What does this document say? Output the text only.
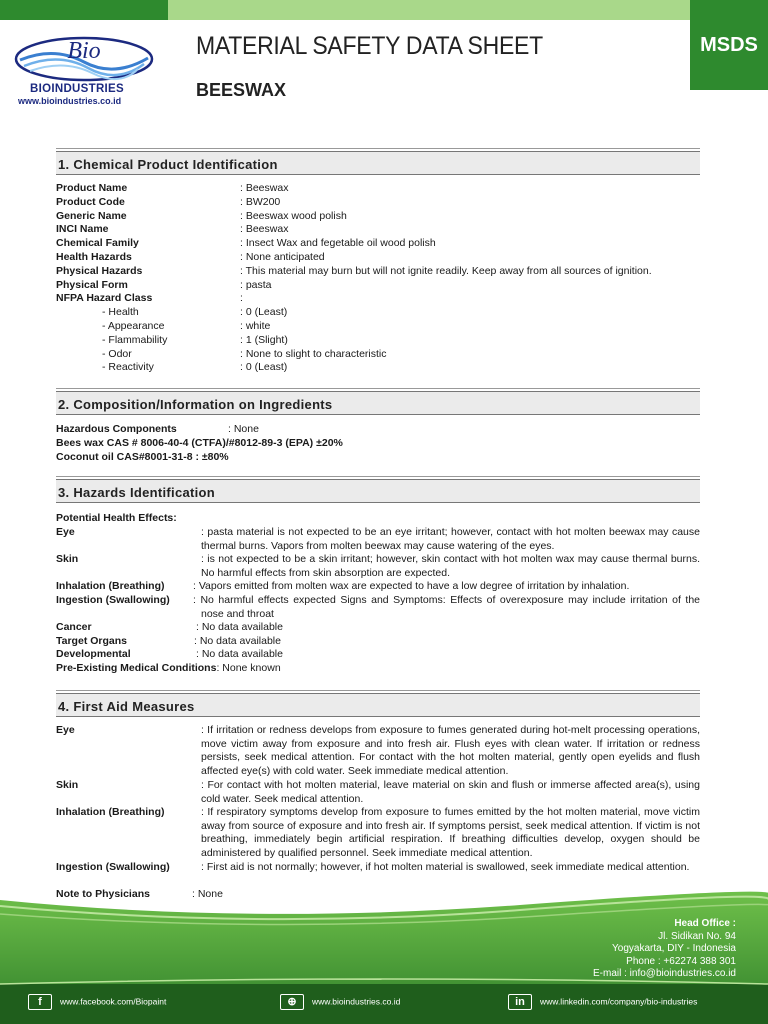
MSDS
Bio
BIOINDUSTRIES
www.bioindustries.co.id
MATERIAL SAFETY DATA SHEET
BEESWAX
1. Chemical Product Identification
Product Name	: Beeswax
Product Code	: BW200
Generic Name	: Beeswax wood polish
INCI Name	: Beeswax
Chemical Family	: Insect Wax and fegetable oil wood polish
Health Hazards	: None anticipated
Physical Hazards	: This material may burn but will not ignite readily. Keep away from all sources of ignition.
Physical Form	: pasta
NFPA Hazard Class	:
- Health	: 0 (Least)
- Appearance	: white
- Flammability	: 1 (Slight)
- Odor	: None to slight to characteristic
- Reactivity	: 0 (Least)
2. Composition/Information on Ingredients
Hazardous Components	: None
Bees wax CAS # 8006-40-4 (CTFA)/#8012-89-3 (EPA) ±20%
Coconut oil CAS#8001-31-8 : ±80%
3. Hazards Identification
Potential Health Effects:
Eye	: pasta material is not expected to be an eye irritant; however, contact with hot molten beewax may cause thermal burns. Vapors from molten beewax may cause watering of the eyes.
Skin	: is not expected to be a skin irritant; however, skin contact with hot molten wax may cause thermal burns. No harmful effects from skin absorption are expected.
Inhalation (Breathing)	: Vapors emitted from molten wax are expected to have a low degree of irritation by inhalation.
Ingestion (Swallowing) : No harmful effects expected Signs and Symptoms: Effects of overexposure may include irritation of the nose and throat
Cancer	: No data available
Target Organs	: No data available
Developmental	: No data available
Pre-Existing Medical Conditions: None known
4. First Aid Measures
Eye	: If irritation or redness develops from exposure to fumes generated during hot-melt processing operations, move victim away from exposure and into fresh air. Flush eyes with clean water. If irritation or redness persists, seek medical attention. For contact with the hot molten material, gently open eyelids and flush affected eye(s) with cold water. Seek immediate medical attention.
Skin	: For contact with hot molten material, leave material on skin and flush or immerse affected area(s), using cold water. Seek medical attention.
Inhalation (Breathing)	: If respiratory symptoms develop from exposure to fumes emitted by the hot molten material, move victim away from source of exposure and into fresh air. If symptoms persist, seek medical attention. If victim is not breathing, immediately begin artificial respiration. If breathing difficulties develop, oxygen should be administered by qualified personnel. Seek immediate medical attention.
Ingestion (Swallowing)	: First aid is not normally; however, if hot molten material is swallowed, seek immediate medical attention.
Note to Physicians	: None
Head Office :
Jl. Sidikan No. 94
Yogyakarta, DIY - Indonesia
Phone : +62274 388 301
E-mail : info@bioindustries.co.id
f www.facebook.com/Biopaint	⊕ www.bioindustries.co.id	in www.linkedin.com/company/bio-industries
